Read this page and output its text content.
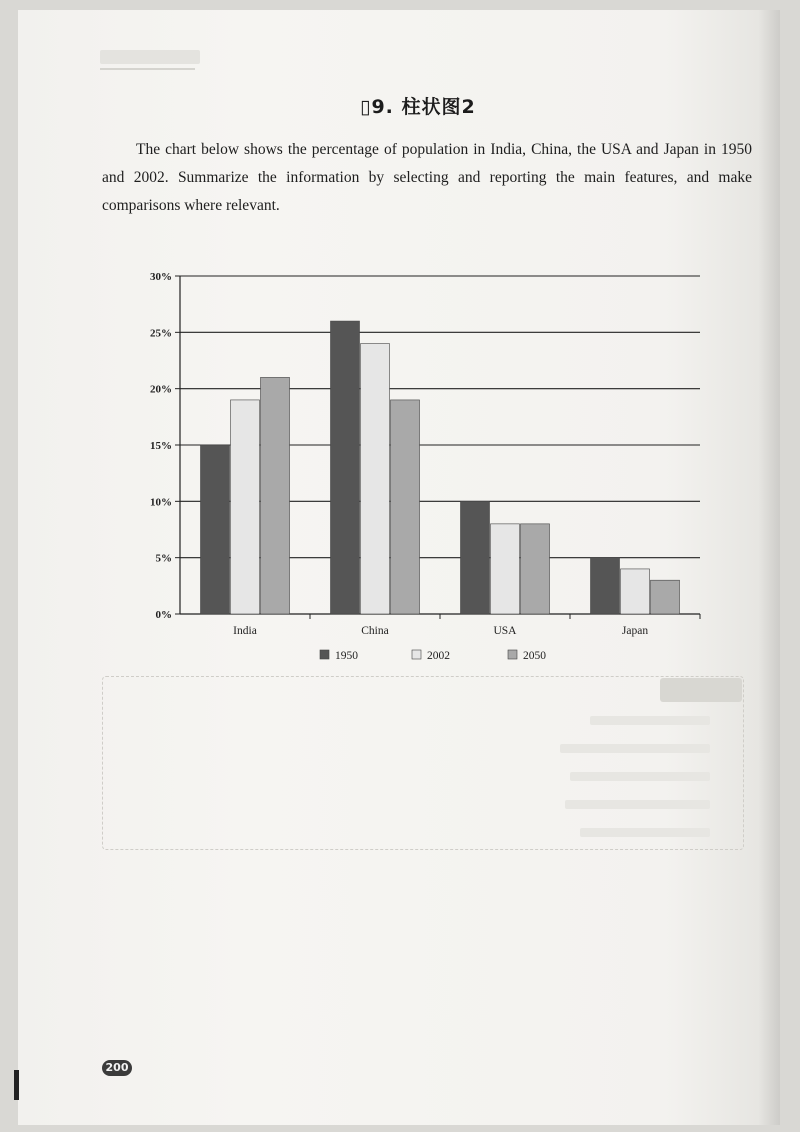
▯9. 柱状图2

The chart below shows the percentage of population in India, China, the USA and Japan in 1950 and 2002. Summarize the information by selecting and reporting the main features, and make comparisons where relevant.

0%
5%
10%
15%
20%
25%
30%
India	China	USA	Japan
1950	2002	2050
200
